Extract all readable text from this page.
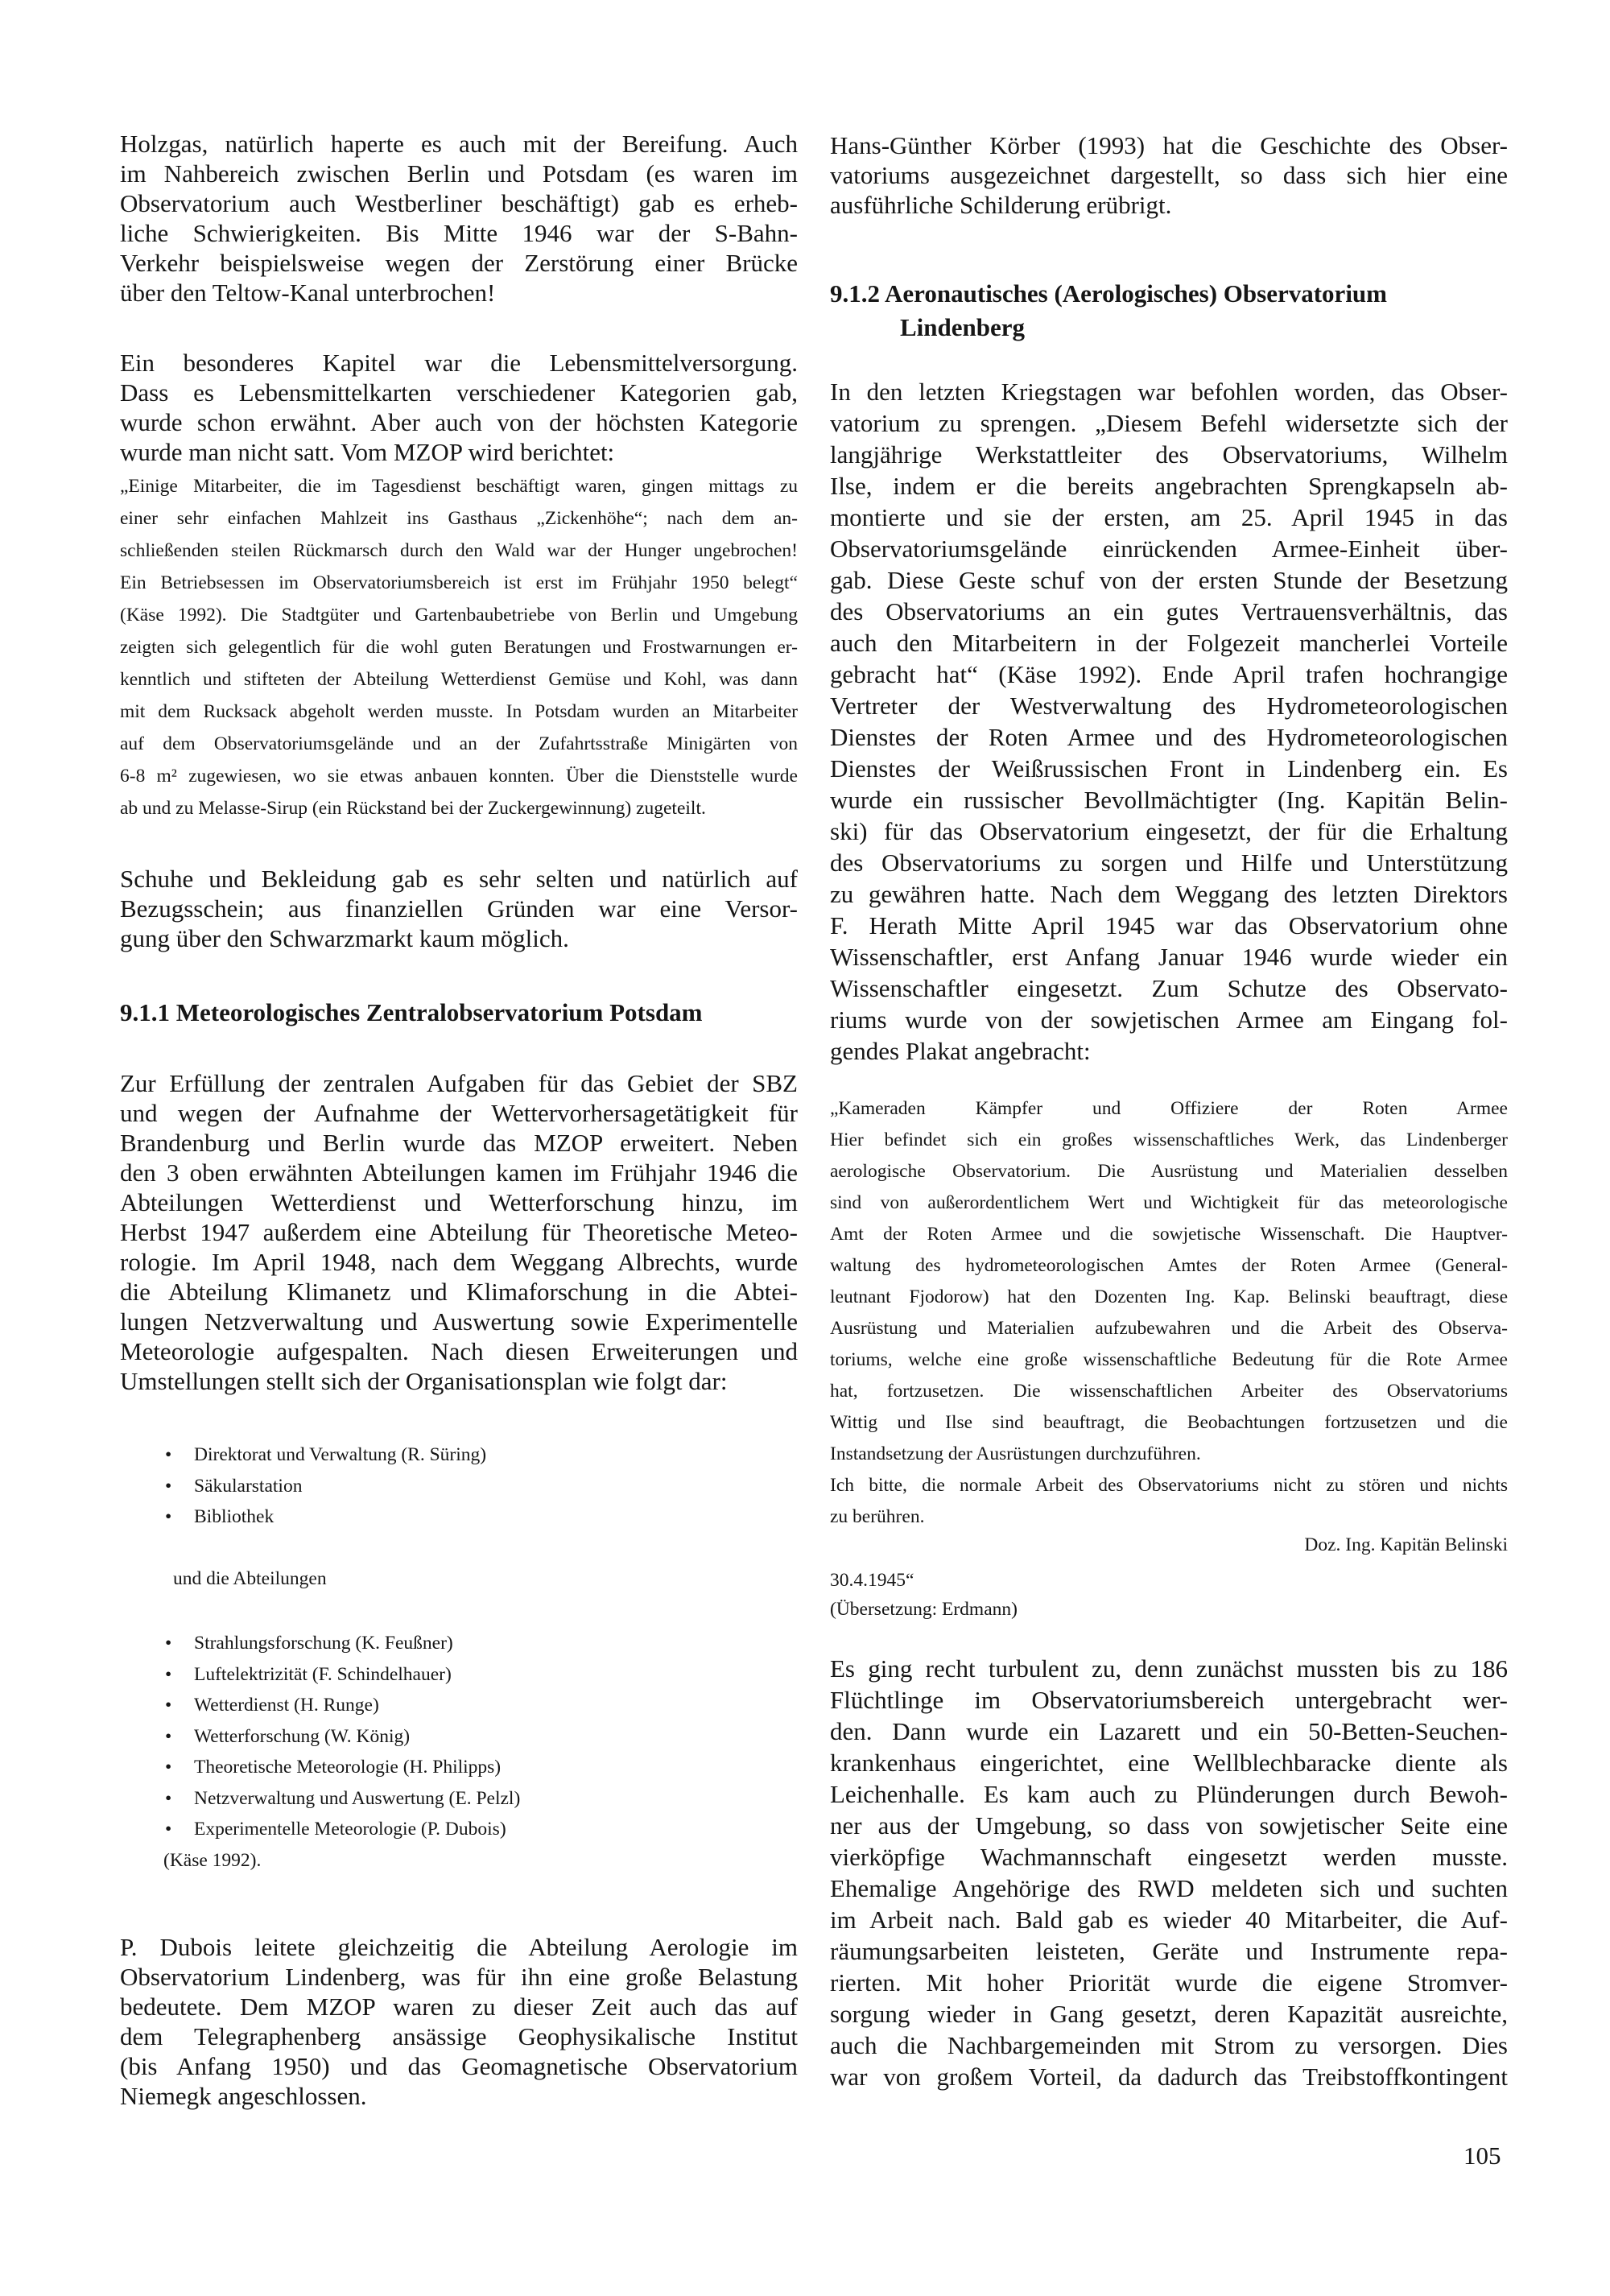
Holzgas, natürlich haperte es auch mit der Bereifung. Auch
im Nahbereich zwischen Berlin und Potsdam (es waren im
Observatorium auch Westberliner beschäftigt) gab es erheb-
liche Schwierigkeiten. Bis Mitte 1946 war der S-Bahn-
Verkehr beispielsweise wegen der Zerstörung einer Brücke
über den Teltow-Kanal unterbrochen!
Ein besonderes Kapitel war die Lebensmittelversorgung.
Dass es Lebensmittelkarten verschiedener Kategorien gab,
wurde schon erwähnt. Aber auch von der höchsten Kategorie
wurde man nicht satt. Vom MZOP wird berichtet:
„Einige Mitarbeiter, die im Tagesdienst beschäftigt waren, gingen mittags zu
einer sehr einfachen Mahlzeit ins Gasthaus „Zickenhöhe“; nach dem an-
schließenden steilen Rückmarsch durch den Wald war der Hunger ungebrochen!
Ein Betriebsessen im Observatoriumsbereich ist erst im Frühjahr 1950 belegt“
(Käse 1992). Die Stadtgüter und Gartenbaubetriebe von Berlin und Umgebung
zeigten sich gelegentlich für die wohl guten Beratungen und Frostwarnungen er-
kenntlich und stifteten der Abteilung Wetterdienst Gemüse und Kohl, was dann
mit dem Rucksack abgeholt werden musste. In Potsdam wurden an Mitarbeiter
auf dem Observatoriumsgelände und an der Zufahrtsstraße Minigärten von
6-8 m² zugewiesen, wo sie etwas anbauen konnten. Über die Dienststelle wurde
ab und zu Melasse-Sirup (ein Rückstand bei der Zuckergewinnung) zugeteilt.
Schuhe und Bekleidung gab es sehr selten und natürlich auf
Bezugsschein; aus finanziellen Gründen war eine Versor-
gung über den Schwarzmarkt kaum möglich.
9.1.1 Meteorologisches Zentralobservatorium Potsdam
Zur Erfüllung der zentralen Aufgaben für das Gebiet der SBZ
und wegen der Aufnahme der Wettervorhersagetätigkeit für
Brandenburg und Berlin wurde das MZOP erweitert. Neben
den 3 oben erwähnten Abteilungen kamen im Frühjahr 1946 die
Abteilungen Wetterdienst und Wetterforschung hinzu, im
Herbst 1947 außerdem eine Abteilung für Theoretische Meteo-
rologie. Im April 1948, nach dem Weggang Albrechts, wurde
die Abteilung Klimanetz und Klimaforschung in die Abtei-
lungen Netzverwaltung und Auswertung sowie Experimentelle
Meteorologie aufgespalten. Nach diesen Erweiterungen und
Umstellungen stellt sich der Organisationsplan wie folgt dar:
• Direktorat und Verwaltung (R. Süring)
• Säkularstation
• Bibliothek
und die Abteilungen
• Strahlungsforschung (K. Feußner)
• Luftelektrizität (F. Schindelhauer)
• Wetterdienst (H. Runge)
• Wetterforschung (W. König)
• Theoretische Meteorologie (H. Philipps)
• Netzverwaltung und Auswertung (E. Pelzl)
• Experimentelle Meteorologie (P. Dubois)
(Käse 1992).
P. Dubois leitete gleichzeitig die Abteilung Aerologie im
Observatorium Lindenberg, was für ihn eine große Belastung
bedeutete. Dem MZOP waren zu dieser Zeit auch das auf
dem Telegraphenberg ansässige Geophysikalische Institut
(bis Anfang 1950) und das Geomagnetische Observatorium
Niemegk angeschlossen.
Hans-Günther Körber (1993) hat die Geschichte des Obser-
vatoriums ausgezeichnet dargestellt, so dass sich hier eine
ausführliche Schilderung erübrigt.
9.1.2 Aeronautisches (Aerologisches) Observatorium
Lindenberg
In den letzten Kriegstagen war befohlen worden, das Obser-
vatorium zu sprengen. „Diesem Befehl widersetzte sich der
langjährige Werkstattleiter des Observatoriums, Wilhelm
Ilse, indem er die bereits angebrachten Sprengkapseln ab-
montierte und sie der ersten, am 25. April 1945 in das
Observatoriumsgelände einrückenden Armee-Einheit über-
gab. Diese Geste schuf von der ersten Stunde der Besetzung
des Observatoriums an ein gutes Vertrauensverhältnis, das
auch den Mitarbeitern in der Folgezeit mancherlei Vorteile
gebracht hat“ (Käse 1992). Ende April trafen hochrangige
Vertreter der Westverwaltung des Hydrometeorologischen
Dienstes der Roten Armee und des Hydrometeorologischen
Dienstes der Weißrussischen Front in Lindenberg ein. Es
wurde ein russischer Bevollmächtigter (Ing. Kapitän Belin-
ski) für das Observatorium eingesetzt, der für die Erhaltung
des Observatoriums zu sorgen und Hilfe und Unterstützung
zu gewähren hatte. Nach dem Weggang des letzten Direktors
F. Herath Mitte April 1945 war das Observatorium ohne
Wissenschaftler, erst Anfang Januar 1946 wurde wieder ein
Wissenschaftler eingesetzt. Zum Schutze des Observato-
riums wurde von der sowjetischen Armee am Eingang fol-
gendes Plakat angebracht:
„Kameraden Kämpfer und Offiziere der Roten Armee
Hier befindet sich ein großes wissenschaftliches Werk, das Lindenberger
aerologische Observatorium. Die Ausrüstung und Materialien desselben
sind von außerordentlichem Wert und Wichtigkeit für das meteorologische
Amt der Roten Armee und die sowjetische Wissenschaft. Die Hauptver-
waltung des hydrometeorologischen Amtes der Roten Armee (General-
leutnant Fjodorow) hat den Dozenten Ing. Kap. Belinski beauftragt, diese
Ausrüstung und Materialien aufzubewahren und die Arbeit des Observa-
toriums, welche eine große wissenschaftliche Bedeutung für die Rote Armee
hat, fortzusetzen. Die wissenschaftlichen Arbeiter des Observatoriums
Wittig und Ilse sind beauftragt, die Beobachtungen fortzusetzen und die
Instandsetzung der Ausrüstungen durchzuführen.
Ich bitte, die normale Arbeit des Observatoriums nicht zu stören und nichts
zu berühren.
Doz. Ing. Kapitän Belinski
30.4.1945“
(Übersetzung: Erdmann)
Es ging recht turbulent zu, denn zunächst mussten bis zu 186
Flüchtlinge im Observatoriumsbereich untergebracht wer-
den. Dann wurde ein Lazarett und ein 50-Betten-Seuchen-
krankenhaus eingerichtet, eine Wellblechbaracke diente als
Leichenhalle. Es kam auch zu Plünderungen durch Bewoh-
ner aus der Umgebung, so dass von sowjetischer Seite eine
vierköpfige Wachmannschaft eingesetzt werden musste.
Ehemalige Angehörige des RWD meldeten sich und suchten
im Arbeit nach. Bald gab es wieder 40 Mitarbeiter, die Auf-
räumungsarbeiten leisteten, Geräte und Instrumente repa-
rierten. Mit hoher Priorität wurde die eigene Stromver-
sorgung wieder in Gang gesetzt, deren Kapazität ausreichte,
auch die Nachbargemeinden mit Strom zu versorgen. Dies
war von großem Vorteil, da dadurch das Treibstoffkontingent
105
